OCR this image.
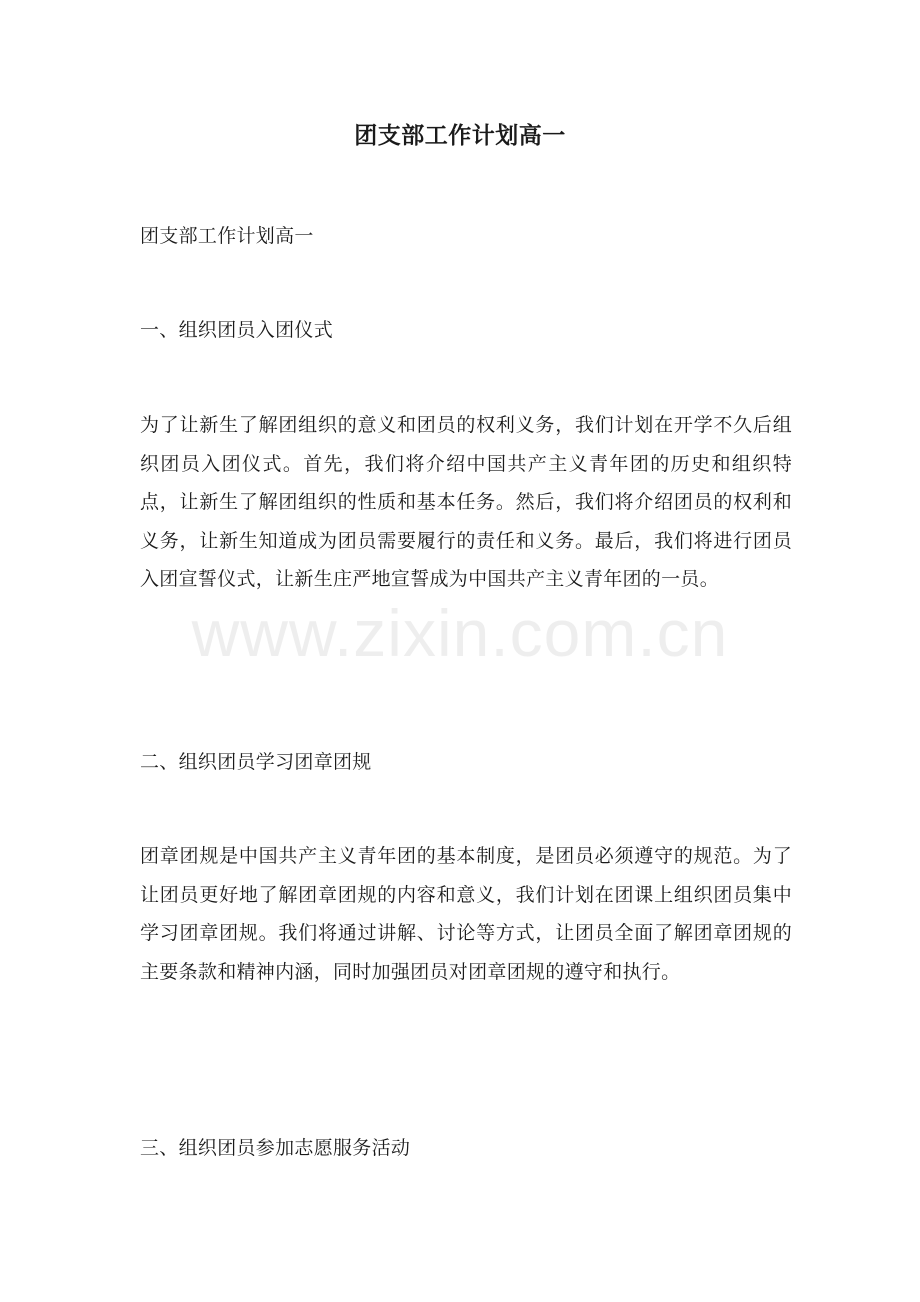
团支部工作计划高一
团支部工作计划高一
一、组织团员入团仪式
为了让新生了解团组织的意义和团员的权利义务，我们计划在开学不久后组织团员入团仪式。首先，我们将介绍中国共产主义青年团的历史和组织特点，让新生了解团组织的性质和基本任务。然后，我们将介绍团员的权利和义务，让新生知道成为团员需要履行的责任和义务。最后，我们将进行团员入团宣誓仪式，让新生庄严地宣誓成为中国共产主义青年团的一员。
二、组织团员学习团章团规
团章团规是中国共产主义青年团的基本制度，是团员必须遵守的规范。为了让团员更好地了解团章团规的内容和意义，我们计划在团课上组织团员集中学习团章团规。我们将通过讲解、讨论等方式，让团员全面了解团章团规的主要条款和精神内涵，同时加强团员对团章团规的遵守和执行。
三、组织团员参加志愿服务活动
www.zixin.com.cn
